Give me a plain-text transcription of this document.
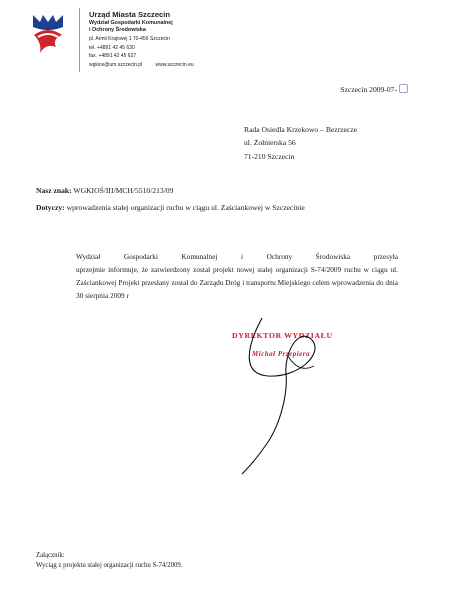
Urząd Miasta Szczecin
Wydział Gospodarki Komunalnej
i Ochrony Środowiska
pl. Armii Krajowej 1 70-456 Szczecin
tel. +4891 42 45 630
fax. +4891 42 45 627
wgkios@um.szczecin.pl	www.szczecin.eu
Szczecin 2009-07-
Rada Osiedla Krzekowo – Bezrzecze
ul. Żołnierska 56
71-210 Szczecin
Nasz znak: WGKIOŚ/III/MCH/5510/213/09
Dotyczy: wprowadzenia stałej organizacji ruchu w ciągu ul. Zaściankowej w Szczecinie
Wydział Gospodarki Komunalnej i Ochrony Środowiska przesyła
uprzejmie informuje, że zatwierdzony został projekt nowej stałej organizacji S-74/2009 ruchu w ciągu ul. Zaściankowej Projekt przesłany został do Zarządu Dróg i transportu Miejskiego celem wprowadzenia do dnia 30 sierpnia 2009 r
DYREKTOR WYDZIAŁU
Michał Przepiera
Załącznik:
Wyciąg z projektu stałej organizacji ruchu S-74/2009.
